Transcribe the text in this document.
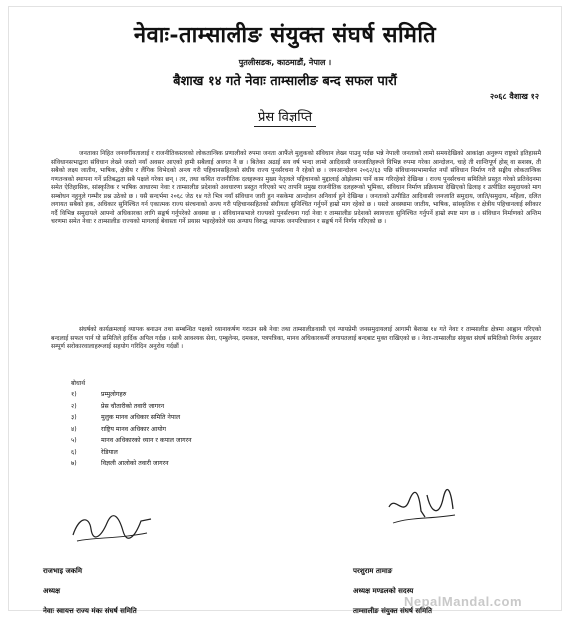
नेवाः-ताम्सालीङ संयुक्त संघर्ष समिति
पुतलीसडक, काठमाडौं, नेपाल ।
बैशाख १४ गते नेवाः ताम्सालीङ बन्द सफल पारौं
२०६८ वैशाख १२
प्रेस विज्ञप्ति
जनताका निहित जनवर्गीयतालाई र राजनीतिकस्तरको लोकतान्त्रिक प्रणालीको रुपमा जनता आफैंले मुलुकको संविधान लेख्न पाउनु पर्दछ भन्ने नेपाली जनताको लामो समयदेखिको आकांक्षा अनुरूप राष्ट्रको इतिहासमै संविधानसभाद्वारा संविधान लेख्ने जस्तो नयाँ अवसर आएको हामी सबैलाई अवगत नै छ । बितेका अढाई सय वर्ष भन्दा लामो आदिवासी जनजातिहरूले विभिन्न रुपमा गरेका आन्दोलन, चाहे ती शान्तिपूर्ण होस् वा सशस्त्र, ती सबैको लक्ष्य जातीय, भाषिक, क्षेत्रीय र लैंगिक विभेदको अन्त्य गरी पहिचानसहितको संघीय राज्य पुनर्संरचना नै रहेको छ । जनआन्दोलन २०६२/६३ पछि संविधानसभामार्फत नयाँ संविधान निर्माण गरी सङ्घीय लोकतान्त्रिक गणतन्त्रको स्थापना गर्ने प्रतिबद्धता सबै पक्षले गरेका छन् । तर, तथा कथित राजनीतिक दलहरूका मुख्य नेतृत्वले पहिचानको मुद्दालाई ओझेलमा पार्ने काम गरिरहेको देखिन्छ । राज्य पुनर्संरचना समितिले प्रस्तुत गरेको प्रतिवेदनमा समेत ऐतिहासिक, सांस्कृतिक र भाषिक आधारमा नेवाः र ताम्सालीङ प्रदेशको अवधारणा प्रस्तुत गरिएको भए तापनि प्रमुख राजनीतिक दलहरूको भूमिका, संविधान निर्माण प्रक्रियामा देखिएको ढिलाइ र उत्पीडित समुदायको माग सम्बोधन नहुनुले गम्भीर प्रश्न उठेको छ । यसै सन्दर्भमा २०६८ जेठ १४ गते भित्र नयाँ संविधान जारी हुन नसकेमा आन्दोलन अनिवार्य हुने देखिन्छ । जनताको उत्पीडित आदिवासी जनजाति समुदाय, जाति/समुदाय, महिला, दलित लगायत सबैको हक, अधिकार सुनिश्चित गर्न एकात्मक राज्य संरचनाको अन्त्य गरी पहिचानसहितको संघीयता सुनिश्चित गर्नुपर्ने हाम्रो माग रहेको छ । यस्तो अवस्थामा जातीय, भाषिक, सांस्कृतिक र क्षेत्रीय पहिचानलाई स्वीकार गर्दै विभिन्न समुदायले आफ्नो अधिकारका लागि सङ्घर्ष गर्नुपरेको अवस्था छ । संविधानसभाले राज्यको पुनर्संरचना गर्दा नेवाः र ताम्सालीङ प्रदेशको स्वायत्तता सुनिश्चित गर्नुपर्ने हाम्रो स्पष्ट माग छ । संविधान निर्माणको अन्तिम चरणमा समेत नेवाः र ताम्सालीङ राज्यको मागलाई बेवास्ता गर्ने प्रयास भइरहेकोले यस अन्याय विरुद्ध व्यापक जनपरिचालन र सङ्घर्ष गर्ने निर्णय गरिएको छ ।
संघर्षको कार्यक्रमलाई व्यापक बनाउन तथा सम्बन्धित पक्षको ध्यानाकर्षण गराउन सबै नेवाः तथा ताम्सालीङवासी एवं न्यायप्रेमी जनसमुदायलाई आगामी बैशाख १४ गते नेवाः र ताम्सालीङ क्षेत्रमा आह्वान गरिएको बन्दलाई सफल पार्न यो समितिले हार्दिक अपिल गर्दछ । साथै आवश्यक सेवा, एम्बुलेन्स, दमकल, पत्रपत्रिका, मानव अधिकारकर्मी लगायतलाई बन्दबाट मुक्त राखिएको छ । नेवाः-ताम्सालीङ संयुक्त संघर्ष समितिको निर्णय अनुसार सम्पूर्ण सरोकारवालाहरूलाई सहयोग गरिदिन अनुरोध गर्दछौं ।
बोधार्थ
१)	प्रम्मुलोगहरु
२)	प्रेस चौतारीको तवारी जागरन
३)	मुलुक मानव अधिकार समिति नेपाल
४)	राष्ट्रिय मानव अधिकार आयोग
५)	मानव अधिकारको ध्यान र कपाल जागरन
६)	रेडियाल
७)	विज्ञली आलोको तवारी जागरन
राजभाइ जकमि	परशुराम तामाङ
अध्यक्ष	अध्यक्ष मण्डलको सदस्य
नेवाः स्वायत्त राज्य मंकः संघर्ष समिति	ताम्सालीङ संयुक्त संघर्ष समिति
NepalMandal.com
